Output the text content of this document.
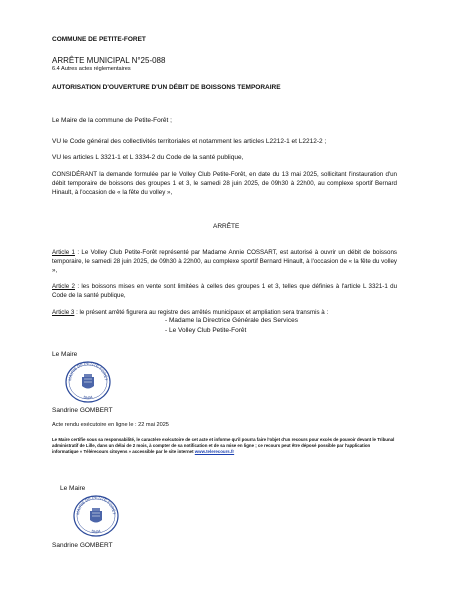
COMMUNE DE PETITE-FORET

ARRÊTE MUNICIPAL N°25-088

6.4 Autres actes réglementaires

AUTORISATION D'OUVERTURE D'UN DÉBIT DE BOISSONS TEMPORAIRE

Le Maire de la commune de Petite-Forêt ;

VU le Code général des collectivités territoriales et notamment les articles L2212-1 et L2212-2 ;

VU les articles L 3321-1 et L 3334-2 du Code de la santé publique,

CONSIDÉRANT la demande formulée par le Volley Club Petite-Forêt, en date du 13 mai 2025, sollicitant l'instauration d'un débit temporaire de boissons des groupes 1 et 3, le samedi 28 juin 2025, de 09h30 à 22h00, au complexe sportif Bernard Hinault, à l'occasion de « la fête du volley »,

ARRÊTE

Article 1 : Le Volley Club Petite-Forêt représenté par Madame Annie COSSART, est autorisé à ouvrir un débit de boissons temporaire, le samedi 28 juin 2025, de 09h30 à 22h00, au complexe sportif Bernard Hinault, à l'occasion de « la fête du volley »,

Article 2 : les boissons mises en vente sont limitées à celles des groupes 1 et 3, telles que définies à l'article L 3321-1 du Code de la santé publique,

Article 3 : le présent arrêté figurera au registre des arrêtés municipaux et ampliation sera transmis à :

- Madame la Directrice Générale des Services

- Le Volley Club Petite-Forêt

Le Maire

MAIRIE DE PETITE-FORÊT
59494

Sandrine GOMBERT

Acte rendu exécutoire en ligne le : 22 mai 2025

Le Maire certifie sous sa responsabilité, le caractère exécutoire de cet acte et informe qu'il pourra faire l'objet d'un recours pour excès de pouvoir devant le Tribunal administratif de Lille, dans un délai de 2 mois, à compter de sa notification et de sa mise en ligne ; ce recours peut être déposé possible par l'application informatique « Télérecours citoyens » accessible par le site internet www.telerecours.fr

Le Maire

MAIRIE DE PETITE-FORÊT
59494

Sandrine GOMBERT
